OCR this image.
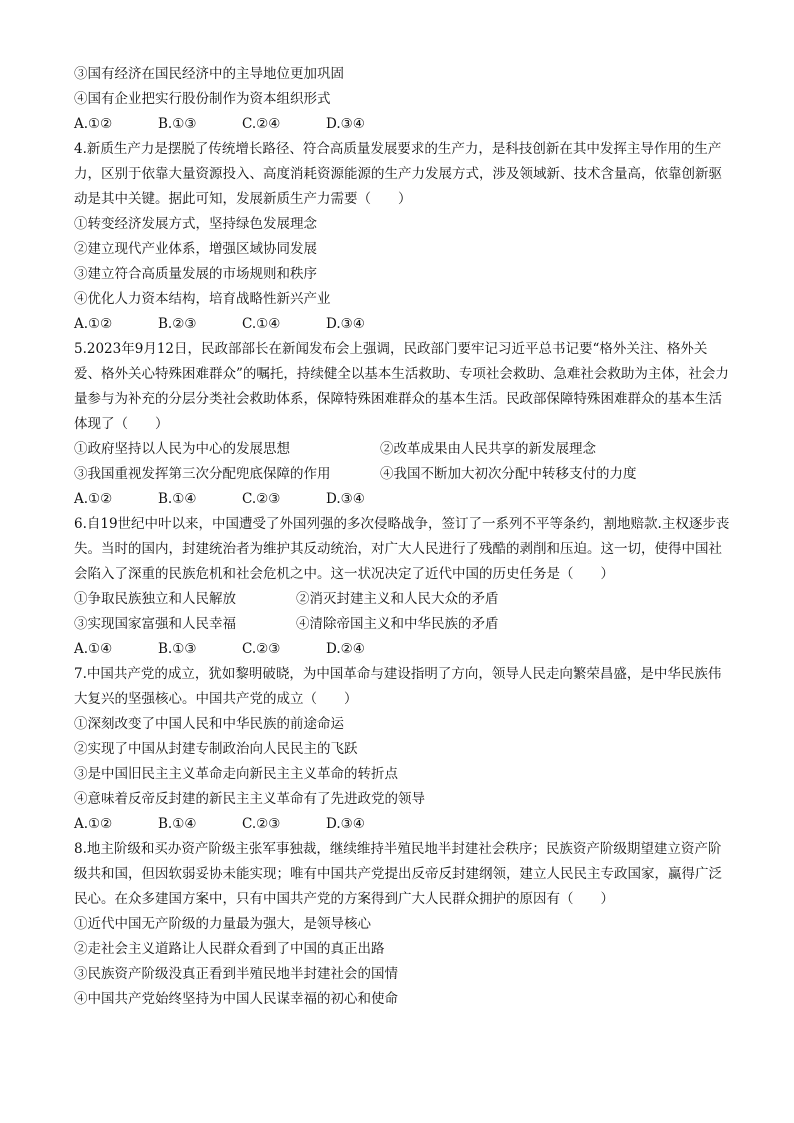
③国有经济在国民经济中的主导地位更加巩固
④国有企业把实行股份制作为资本组织形式
A.①②	B.①③	C.②④	D.③④
4.新质生产力是摆脱了传统增长路径、符合高质量发展要求的生产力，是科技创新在其中发挥主导作用的生产力，区别于依靠大量资源投入、高度消耗资源能源的生产力发展方式，涉及领域新、技术含量高，依靠创新驱动是其中关键。据此可知，发展新质生产力需要（　　）
①转变经济发展方式，坚持绿色发展理念
②建立现代产业体系，增强区域协同发展
③建立符合高质量发展的市场规则和秩序
④优化人力资本结构，培育战略性新兴产业
A.①②	B.②③	C.①④	D.③④
5.2023年9月12日，民政部部长在新闻发布会上强调，民政部门要牢记习近平总书记要“格外关注、格外关爱、格外关心特殊困难群众”的嘱托，持续健全以基本生活救助、专项社会救助、急难社会救助为主体，社会力量参与为补充的分层分类社会救助体系，保障特殊困难群众的基本生活。民政部保障特殊困难群众的基本生活体现了（　　）
①政府坚持以人民为中心的发展思想	②改革成果由人民共享的新发展理念
③我国重视发挥第三次分配兜底保障的作用	④我国不断加大初次分配中转移支付的力度
A.①②	B.①④	C.②③	D.③④
6.自19世纪中叶以来，中国遭受了外国列强的多次侵略战争，签订了一系列不平等条约，割地赔款.主权逐步丧失。当时的国内，封建统治者为维护其反动统治，对广大人民进行了残酷的剥削和压迫。这一切，使得中国社会陷入了深重的民族危机和社会危机之中。这一状况决定了近代中国的历史任务是（　　）
①争取民族独立和人民解放	②消灭封建主义和人民大众的矛盾
③实现国家富强和人民幸福	④清除帝国主义和中华民族的矛盾
A.①④	B.①③	C.②③	D.②④
7.中国共产党的成立，犹如黎明破晓，为中国革命与建设指明了方向，领导人民走向繁荣昌盛，是中华民族伟大复兴的坚强核心。中国共产党的成立（　　）
①深刻改变了中国人民和中华民族的前途命运
②实现了中国从封建专制政治向人民民主的飞跃
③是中国旧民主主义革命走向新民主主义革命的转折点
④意味着反帝反封建的新民主主义革命有了先进政党的领导
A.①②	B.①④	C.②③	D.③④
8.地主阶级和买办资产阶级主张军事独裁，继续维持半殖民地半封建社会秩序；民族资产阶级期望建立资产阶级共和国，但因软弱妥协未能实现；唯有中国共产党提出反帝反封建纲领，建立人民民主专政国家，赢得广泛民心。在众多建国方案中，只有中国共产党的方案得到广大人民群众拥护的原因有（　　）
①近代中国无产阶级的力量最为强大，是领导核心
②走社会主义道路让人民群众看到了中国的真正出路
③民族资产阶级没真正看到半殖民地半封建社会的国情
④中国共产党始终坚持为中国人民谋幸福的初心和使命
